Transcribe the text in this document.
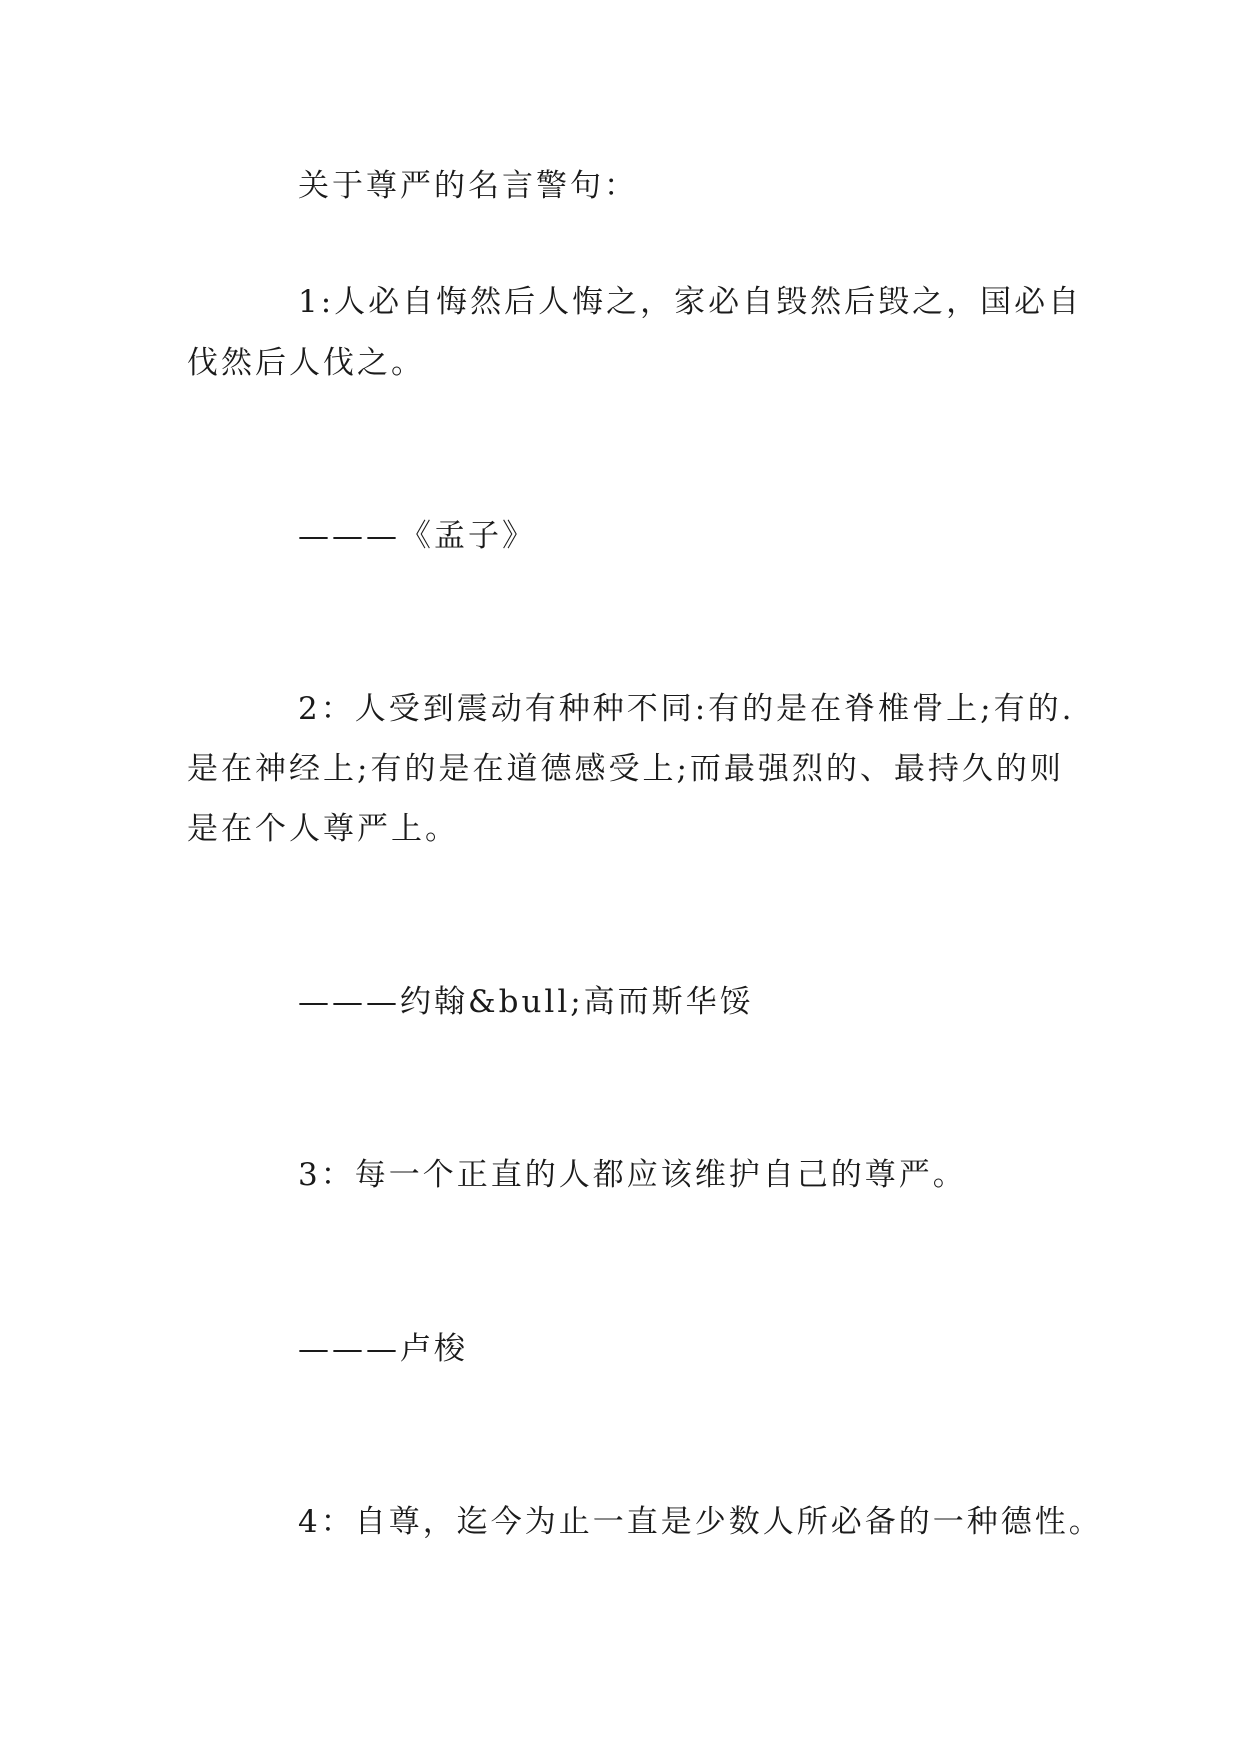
关于尊严的名言警句：
1:人必自悔然后人悔之，家必自毁然后毁之，国必自
伐然后人伐之。
———《孟子》
2：人受到震动有种种不同:有的是在脊椎骨上;有的.
是在神经上;有的是在道德感受上;而最强烈的、最持久的则
是在个人尊严上。
———约翰&bull;高而斯华馁
3：每一个正直的人都应该维护自己的尊严。
———卢梭
4：自尊，迄今为止一直是少数人所必备的一种德性。
